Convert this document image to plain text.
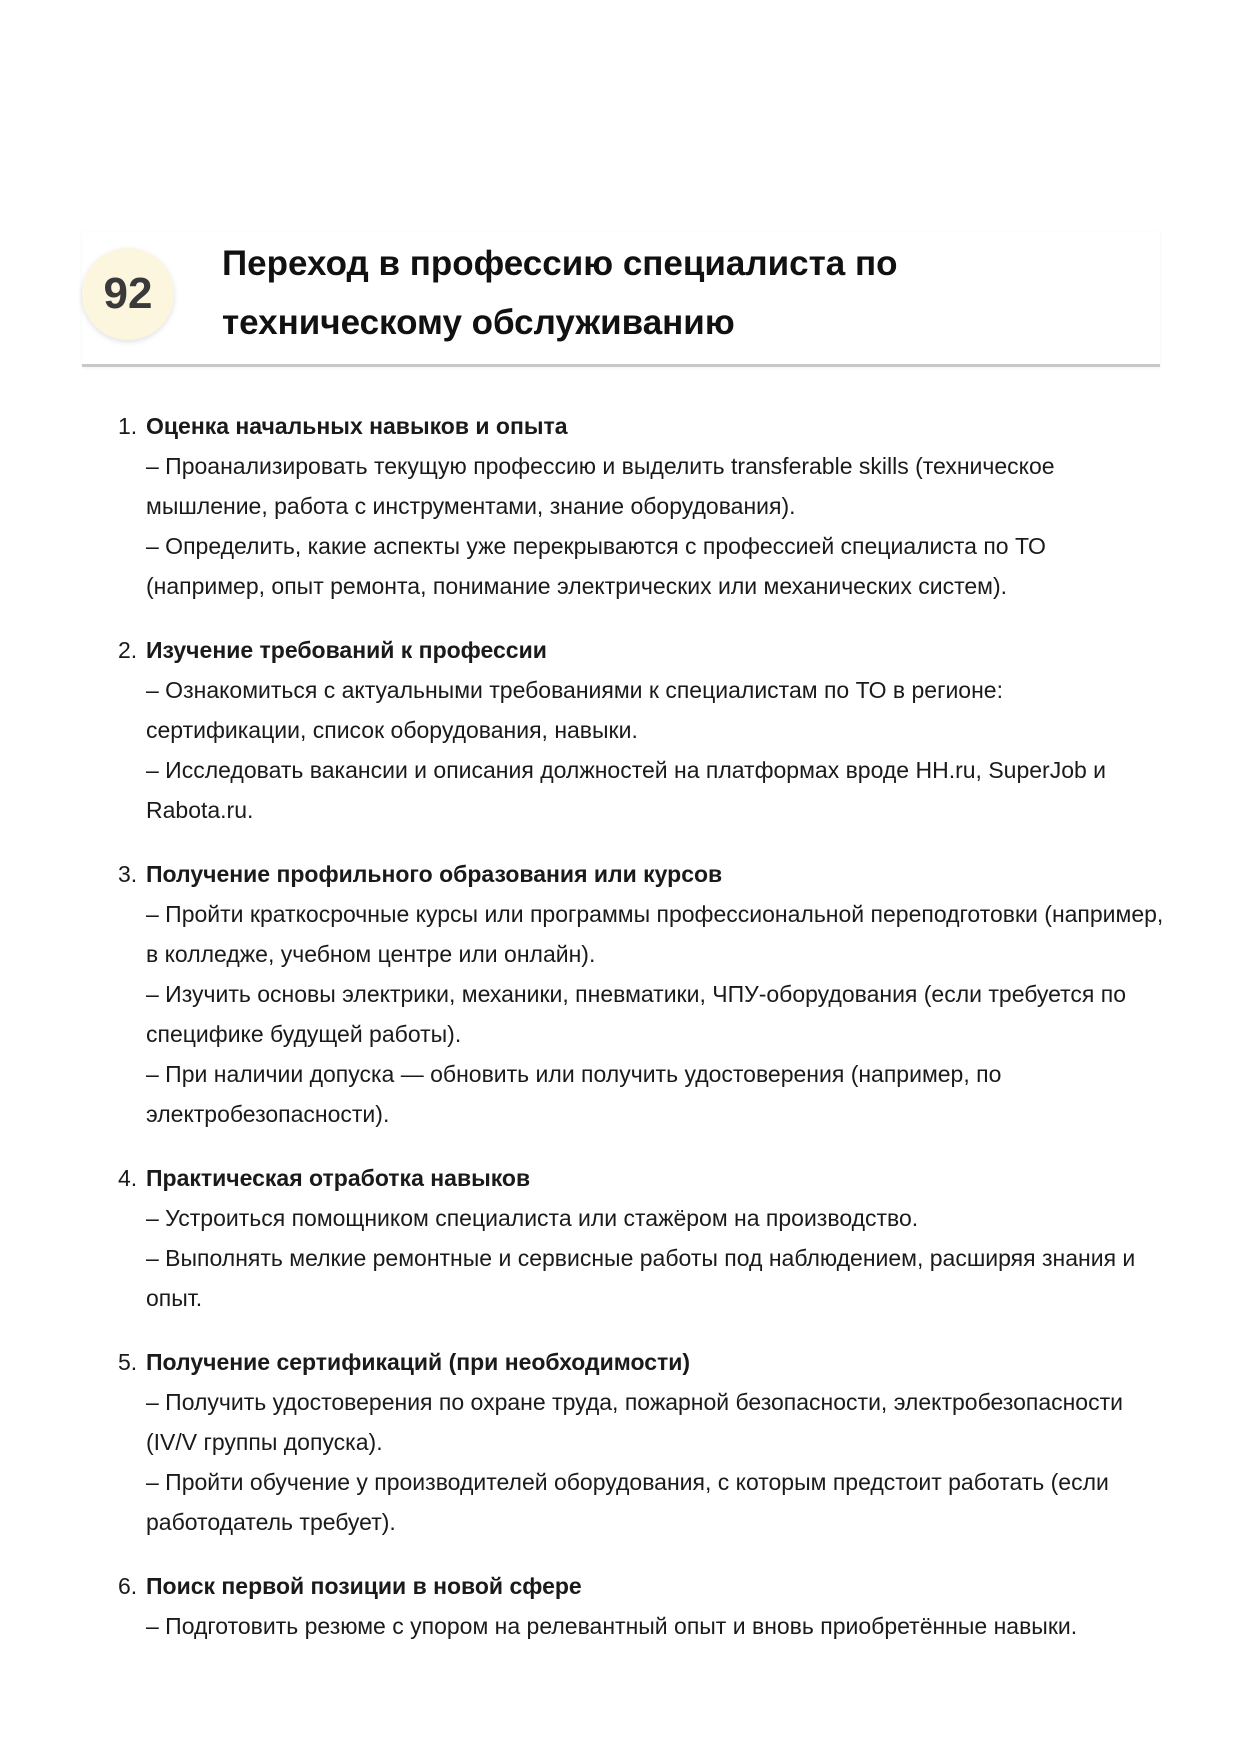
92
Переход в профессию специалиста по техническому обслуживанию
1. Оценка начальных навыков и опыта
– Проанализировать текущую профессию и выделить transferable skills (техническое мышление, работа с инструментами, знание оборудования).
– Определить, какие аспекты уже перекрываются с профессией специалиста по ТО (например, опыт ремонта, понимание электрических или механических систем).
2. Изучение требований к профессии
– Ознакомиться с актуальными требованиями к специалистам по ТО в регионе: сертификации, список оборудования, навыки.
– Исследовать вакансии и описания должностей на платформах вроде HH.ru, SuperJob и Rabota.ru.
3. Получение профильного образования или курсов
– Пройти краткосрочные курсы или программы профессиональной переподготовки (например, в колледже, учебном центре или онлайн).
– Изучить основы электрики, механики, пневматики, ЧПУ-оборудования (если требуется по специфике будущей работы).
– При наличии допуска — обновить или получить удостоверения (например, по электробезопасности).
4. Практическая отработка навыков
– Устроиться помощником специалиста или стажёром на производство.
– Выполнять мелкие ремонтные и сервисные работы под наблюдением, расширяя знания и опыт.
5. Получение сертификаций (при необходимости)
– Получить удостоверения по охране труда, пожарной безопасности, электробезопасности (IV/V группы допуска).
– Пройти обучение у производителей оборудования, с которым предстоит работать (если работодатель требует).
6. Поиск первой позиции в новой сфере
– Подготовить резюме с упором на релевантный опыт и вновь приобретённые навыки.
